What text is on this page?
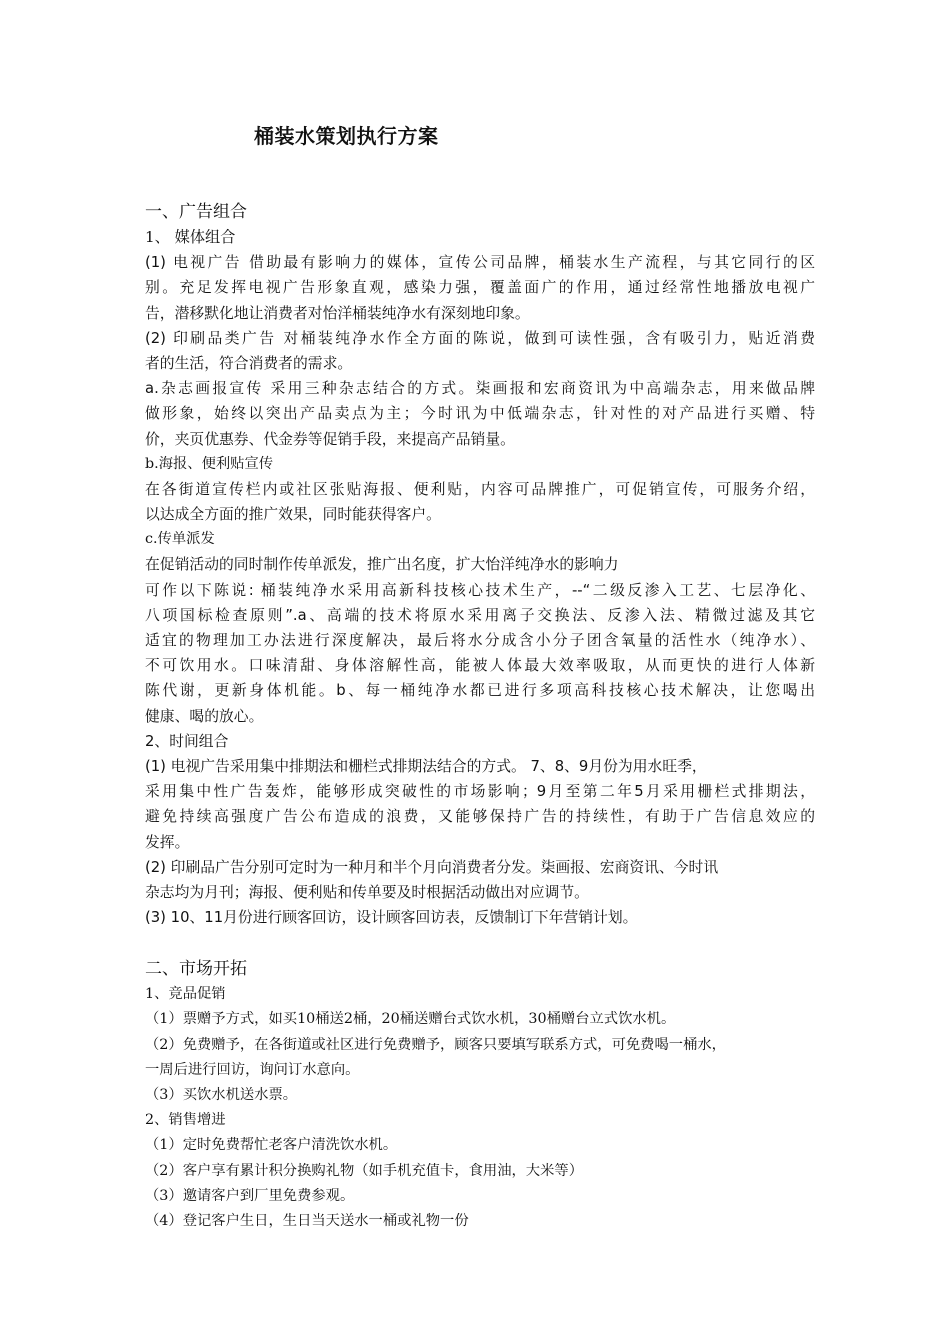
桶装水策划执行方案

一、广告组合

1、 媒体组合

(1) 电视广告 借助最有影响力的媒体，宣传公司品牌，桶装水生产流程，与其它同行的区

别。充足发挥电视广告形象直观，感染力强，覆盖面广的作用，通过经常性地播放电视广

告，潜移默化地让消费者对怡洋桶装纯净水有深刻地印象。

(2) 印刷品类广告 对桶装纯净水作全方面的陈说，做到可读性强，含有吸引力，贴近消费

者的生活，符合消费者的需求。

a.杂志画报宣传 采用三种杂志结合的方式。柒画报和宏商资讯为中高端杂志，用来做品牌

做形象，始终以突出产品卖点为主；今时讯为中低端杂志，针对性的对产品进行买赠、特

价，夹页优惠券、代金券等促销手段，来提高产品销量。

b.海报、便利贴宣传

在各街道宣传栏内或社区张贴海报、便利贴，内容可品牌推广，可促销宣传，可服务介绍，

以达成全方面的推广效果，同时能获得客户。

c.传单派发

在促销活动的同时制作传单派发，推广出名度，扩大怡洋纯净水的影响力

可作以下陈说: 桶装纯净水采用高新科技核心技术生产，--“二级反渗入工艺、七层净化、

八项国标检查原则”.a、高端的技术将原水采用离子交换法、反渗入法、精微过滤及其它

适宜的物理加工办法进行深度解决，最后将水分成含小分子团含氧量的活性水（纯净水）、

不可饮用水。口味清甜、身体溶解性高，能被人体最大效率吸取，从而更快的进行人体新

陈代谢，更新身体机能。b、每一桶纯净水都已进行多项高科技核心技术解决，让您喝出

健康、喝的放心。

2、时间组合

(1) 电视广告采用集中排期法和栅栏式排期法结合的方式。 7、8、9月份为用水旺季，

采用集中性广告轰炸，能够形成突破性的市场影响；9月至第二年5月采用栅栏式排期法，

避免持续高强度广告公布造成的浪费，又能够保持广告的持续性，有助于广告信息效应的

发挥。

(2) 印刷品广告分别可定时为一种月和半个月向消费者分发。柒画报、宏商资讯、今时讯

杂志均为月刊；海报、便利贴和传单要及时根据活动做出对应调节。

(3) 10、11月份进行顾客回访，设计顾客回访表，反馈制订下年营销计划。

二、市场开拓

1、竞品促销

（1）票赠予方式，如买10桶送2桶，20桶送赠台式饮水机，30桶赠台立式饮水机。

（2）免费赠予，在各街道或社区进行免费赠予，顾客只要填写联系方式，可免费喝一桶水，

一周后进行回访，询问订水意向。

（3）买饮水机送水票。

2、销售增进

（1）定时免费帮忙老客户清洗饮水机。

（2）客户享有累计积分换购礼物（如手机充值卡，食用油，大米等）

（3）邀请客户到厂里免费参观。

（4）登记客户生日，生日当天送水一桶或礼物一份
